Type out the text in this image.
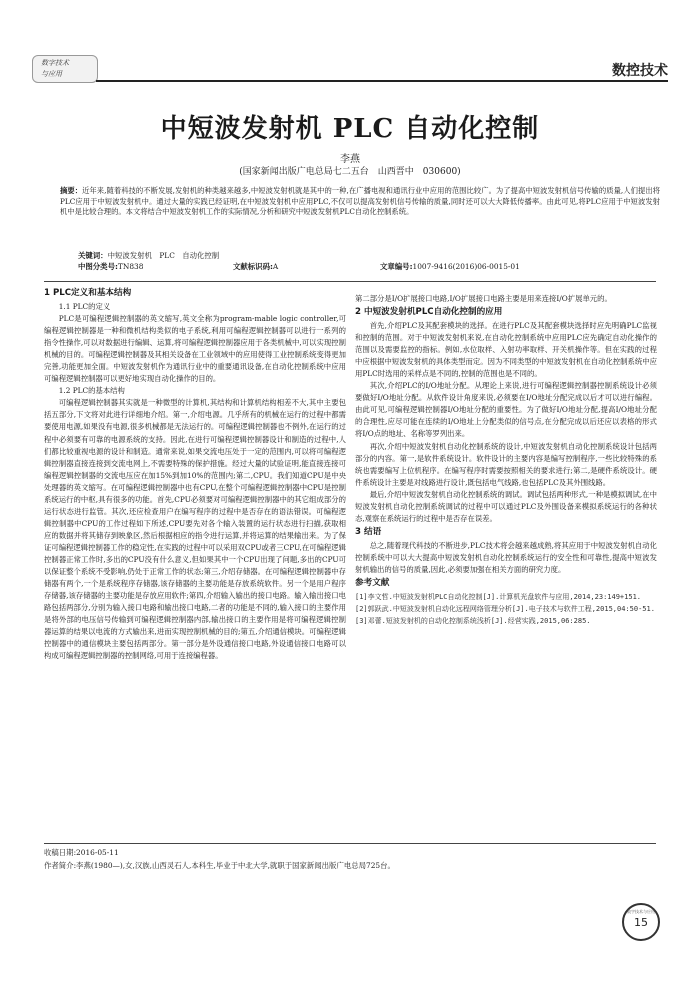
数字技术
与应用	数控技术
中短波发射机 PLC 自动化控制
李燕
(国家新闻出版广电总局七二五台　山西晋中　030600)
摘要：近年来,随着科技的不断发展,发射机的种类越来越多,中短波发射机就是其中的一种,在广播电视和通讯行业中应用的范围比较广。为了提高中短波发射机信号传输的质量,人们提出将PLC应用于中短波发射机中。通过大量的实践已经证明,在中短波发射机中应用PLC,不仅可以提高发射机信号传输的质量,同时还可以大大降低传播率。由此可见,将PLC应用于中短波发射机中是比较合理的。本文将结合中短波发射机工作的实际情况,分析和研究中短波发射机PLC自动化控制系统。
关键词：中短波发射机　PLC　自动化控制
中图分类号:TN838	文献标识码:A	文章编号:1007-9416(2016)06-0015-01
1 PLC定义和基本结构
1.1 PLC的定义

PLC是可编程逻辑控制器的英文缩写,英文全称为program-mable logic controller,可编程逻辑控制器是一种和微机结构类似的电子系统,利用可编程逻辑控制器可以进行一系列的指令性操作,可以对数据进行编辑、运算,将可编程逻辑控制器应用于各类机械中,可以实现控制机械的目的。可编程逻辑控制器及其相关设备在工业领域中的应用使得工业控制系统变得更加完善,功能更加全面。中短波发射机作为通讯行业中的重要通讯设备,在自动化控制系统中应用可编程逻辑控制器可以更好地实现自动化操作的目的。

1.2 PLC的基本结构

可编程逻辑控制器其实就是一种微型的计算机,其结构和计算机结构相差不大,其中主要包括五部分,下文将对此进行详细地介绍。第一,介绍电源。几乎所有的机械在运行的过程中都需要使用电源,如果没有电源,很多机械都是无法运行的。可编程逻辑控制器也不例外,在运行的过程中必须要有可靠的电源系统的支持。因此,在进行可编程逻辑控制器设计和制造的过程中,人们都比较重视电源的设计和制造。通常来说,如果交流电压处于一定的范围内,可以将可编程逻辑控制器直接连接到交流电网上,不需要特殊的保护措施。经过大量的试验证明,能直接连接可编程逻辑控制器的交流电压应在加15%到加10%的范围内;第二,CPU。我们知道CPU是中央处理器的英文缩写。在可编程逻辑控制器中也有CPU,在整个可编程逻辑控制器中CPU是控制系统运行的中枢,具有很多的功能。首先,CPU必须要对可编程逻辑控制器中的其它组成部分的运行状态进行监管。其次,还应检查用户在编写程序的过程中是否存在的语法错误。可编程逻辑控制器中CPU的工作过程如下所述,CPU要先对各个输入装置的运行状态进行扫描,获取相应的数据并将其储存到映象区,然后根据相应的指令进行运算,并将运算的结果输出来。为了保证可编程逻辑控制器工作的稳定性,在实践的过程中可以采用双CPU或者三CPU,在可编程逻辑控制器正常工作时,多出的CPU没有什么意义,但如果其中一个CPU出现了问题,多出的CPU可以保证整个系统不受影响,仍处于正常工作的状态;第三,介绍存储器。在可编程逻辑控制器中存储器有两个,一个是系统程序存储器,该存储器的主要功能是存放系统软件。另一个是用户程序存储器,该存储器的主要功能是存放应用软件;第四,介绍输入输出的接口电路。输入输出接口电路包括两部分,分别为输入接口电路和输出接口电路,二者的功能是不同的,输入接口的主要作用是将外部的电压信号传输到可编程逻辑控制器内部,输出接口的主要作用是将可编程逻辑控制器运算的结果以电流的方式输出来,进而实现控制机械的目的;第五,介绍通信模块。可编程逻辑控制器中的通信模块主要包括两部分。第一部分是外设通信接口电路,外设通信接口电路可以构成可编程逻辑控制器的控制网络,可用于连接编程器。

第二部分是I/O扩展接口电路,I/O扩展接口电路主要是用来连接I/O扩展单元的。

2 中短波发射机PLC自动化控制的应用

首先,介绍PLC及其配套模块的选择。在进行PLC及其配套模块选择时应先明确PLC监视和控制的范围。对于中短波发射机来说,在自动化控制系统中应用PLC应先确定自动化操作的范围以及需要监控的指标。例如,水位取样、入射功率取样、开关机操作等。但在实践的过程中应根据中短波发射机的具体类型而定。因为不同类型的中短波发射机在自动化控制系统中应用PLC时选用的采样点是不同的,控制的范围也是不同的。

其次,介绍PLC的I/O地址分配。从理论上来说,进行可编程逻辑控制器控制系统设计必须要做好I/O地址分配。从软件设计角度来说,必须要在I/O地址分配完成以后才可以进行编程。由此可见,可编程逻辑控制器I/O地址分配的重要性。为了做好I/O地址分配,提高I/O地址分配的合理性,应尽可能在连续的I/O地址上分配类似的信号点,在分配完成以后还应以表格的形式将I/O点的地址、名称等罗列出来。

再次,介绍中短波发射机自动化控制系统的设计,中短波发射机自动化控制系统设计包括两部分的内容。第一,是软件系统设计。软件设计的主要内容是编写控制程序,一些比较特殊的系统也需要编写上位机程序。在编写程序时需要按照相关的要求进行;第二,是硬件系统设计。硬件系统设计主要是对线路进行设计,既包括电气线路,也包括PLC及其外围线路。

最后,介绍中短波发射机自动化控制系统的调试。调试包括两种形式,一种是模拟调试,在中短波发射机自动化控制系统调试的过程中可以通过PLC及外围设备来模拟系统运行的各种状态,观察在系统运行的过程中是否存在误差。

3 结语

总之,随着现代科技的不断进步,PLC技术将会越来越成熟,将其应用于中短波发射机自动化控制系统中可以大大提高中短波发射机自动化控制系统运行的安全性和可靠性,提高中短波发射机输出的信号的质量,因此,必须要加强在相关方面的研究力度。

参考文献

[1]李文哲.中短波发射机PLC自动化控制[J].计算机光盘软件与应用,2014,23:149+151.

[2]郭跃武.中短波发射机自动化远程网络管理分析[J].电子技术与软件工程,2015,04:50-51.

[3]邓蕾.短波发射机的自动化控制系统浅析[J].经营实践,2015,06:285.

收稿日期:2016-05-11
作者简介:李燕(1980—),女,汉族,山西灵石人,本科生,毕业于中北大学,就职于国家新闻出版广电总局725台。
数字技术与应用
15
